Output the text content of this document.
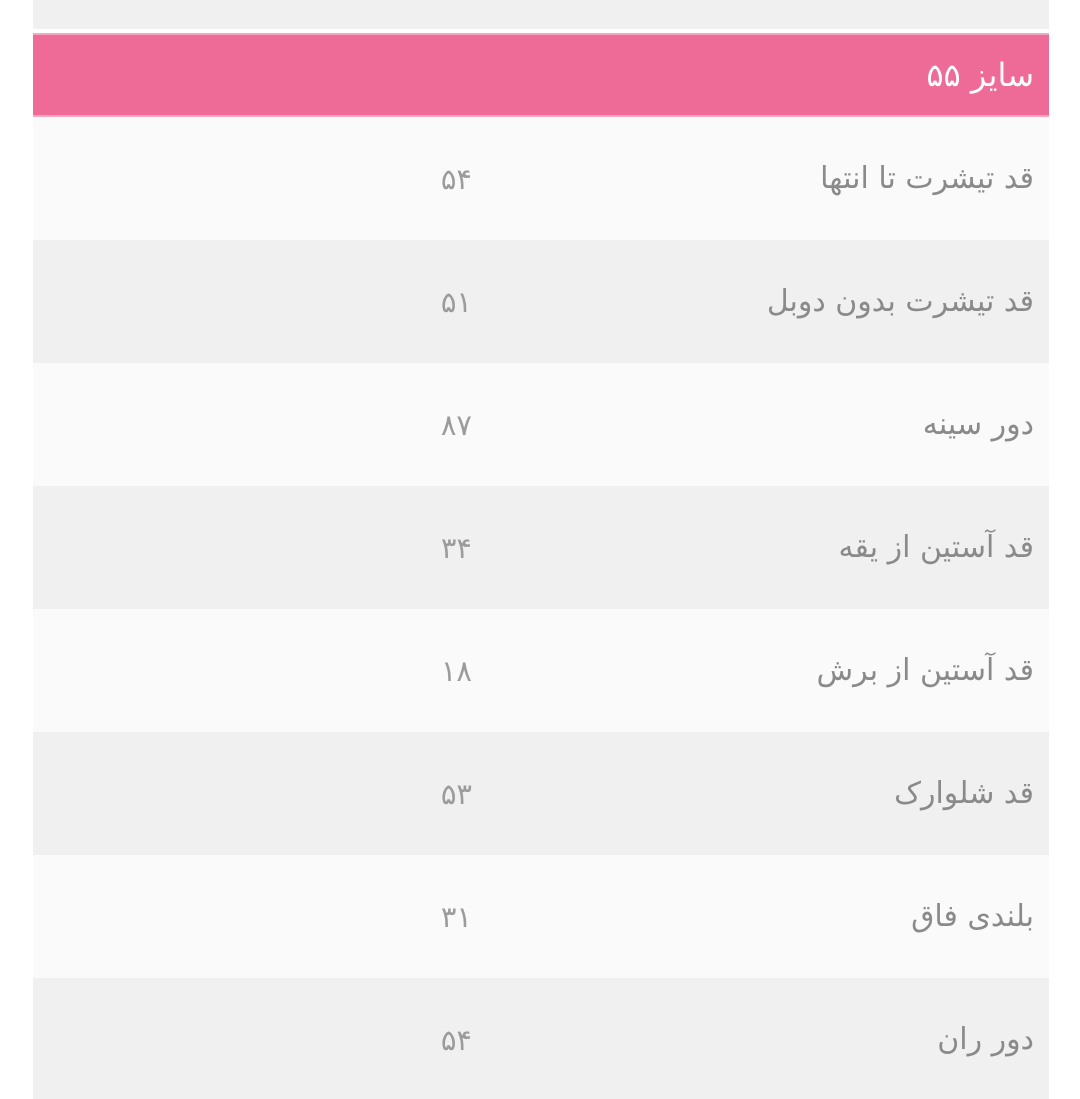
سایز ۵۵
قد تیشرت تا انتها
۵۴
قد تیشرت بدون دوبل
۵۱
دور سینه
۸۷
قد آستین از یقه
۳۴
قد آستین از برش
۱۸
قد شلوارک
۵۳
بلندی فاق
۳۱
دور ران
۵۴
